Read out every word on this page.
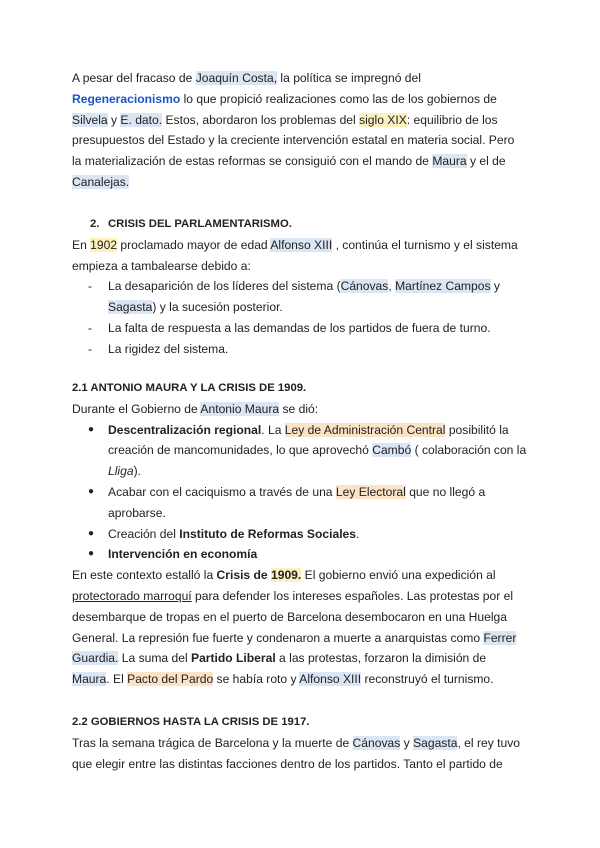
A pesar del fracaso de Joaquín Costa, la política se impregnó del

Regeneracionismo lo que propició realizaciones como las de los gobiernos de

Silvela y E. dato. Estos, abordaron los problemas del siglo XIX: equilibrio de los

presupuestos del Estado y la creciente intervención estatal en materia social. Pero

la materialización de estas reformas se consiguió con el mando de Maura y el de

Canalejas.

2. CRISIS DEL PARLAMENTARISMO.

En 1902 proclamado mayor de edad Alfonso XIII , continúa el turnismo y el sistema

empieza a tambalearse debido a:

- La desaparición de los líderes del sistema (Cánovas, Martínez Campos y
Sagasta) y la sucesión posterior.
- La falta de respuesta a las demandas de los partidos de fuera de turno.
- La rigidez del sistema.

2.1 ANTONIO MAURA Y LA CRISIS DE 1909.

Durante el Gobierno de Antonio Maura se dió:

● Descentralización regional. La Ley de Administración Central posibilitó la
creación de mancomunidades, lo que aprovechó Cambó ( colaboración con la
Lliga).
● Acabar con el caciquismo a través de una Ley Electoral que no llegó a
aprobarse.
● Creación del Instituto de Reformas Sociales.
● Intervención en economía

En este contexto estalló la Crisis de 1909. El gobierno envió una expedición al

protectorado marroquí para defender los intereses españoles. Las protestas por el

desembarque de tropas en el puerto de Barcelona desembocaron en una Huelga

General. La represión fue fuerte y condenaron a muerte a anarquistas como Ferrer

Guardia. La suma del Partido Liberal a las protestas, forzaron la dimisión de

Maura. El Pacto del Pardo se había roto y Alfonso XIII reconstruyó el turnismo.

2.2 GOBIERNOS HASTA LA CRISIS DE 1917.

Tras la semana trágica de Barcelona y la muerte de Cánovas y Sagasta, el rey tuvo

que elegir entre las distintas facciones dentro de los partidos. Tanto el partido de
